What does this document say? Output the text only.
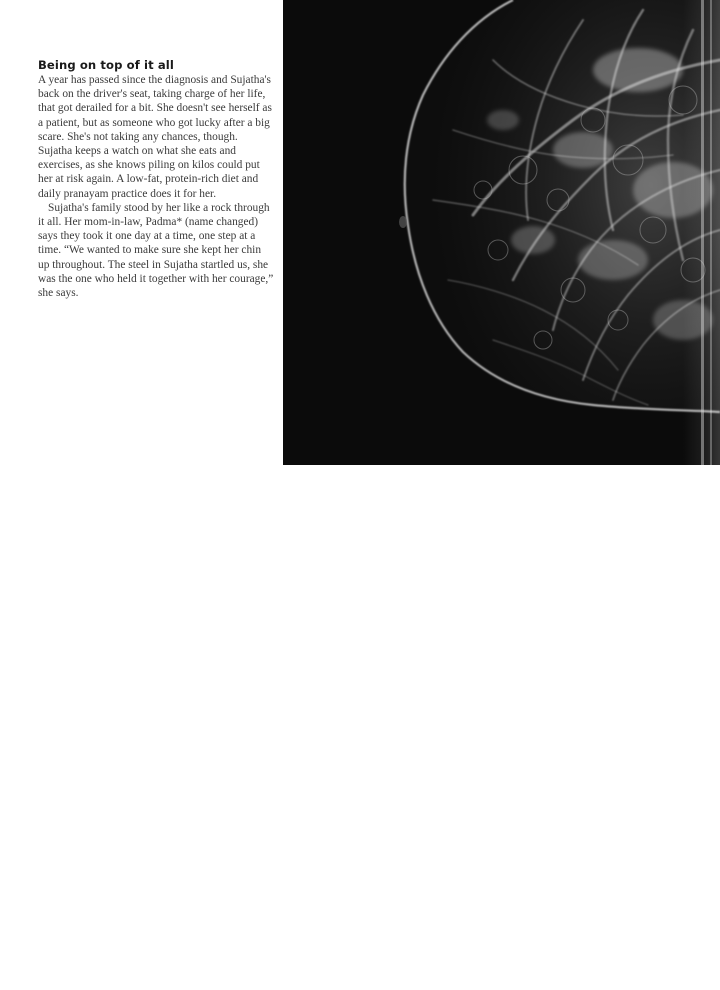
Being on top of it all

A year has passed since the diagnosis and Sujatha's back on the driver's seat, taking charge of her life, that got derailed for a bit. She doesn't see herself as a patient, but as someone who got lucky after a big scare. She's not taking any chances, though. Sujatha keeps a watch on what she eats and exercises, as she knows piling on kilos could put her at risk again. A low-fat, protein-rich diet and daily pranayam practice does it for her.

Sujatha's family stood by her like a rock through it all. Her mom-in-law, Padma* (name changed) says they took it one day at a time, one step at a time. “We wanted to make sure she kept her chin up throughout. The steel in Sujatha startled us, she was the one who held it together with her courage,” she says.
